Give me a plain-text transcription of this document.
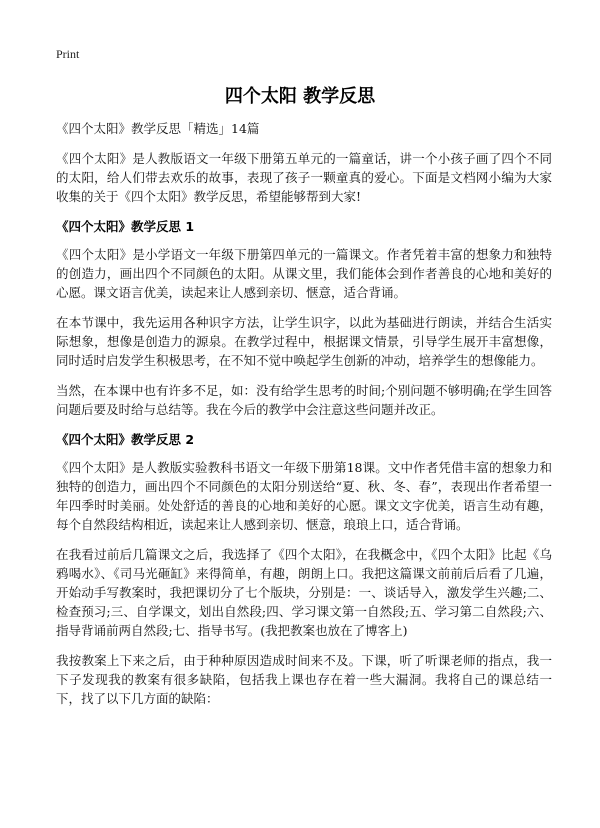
Print
四个太阳 教学反思

《四个太阳》教学反思「精选」14篇

《四个太阳》是人教版语文一年级下册第五单元的一篇童话，讲一个小孩子画了四个不同的太阳，给人们带去欢乐的故事，表现了孩子一颗童真的爱心。下面是文档网小编为大家收集的关于《四个太阳》教学反思，希望能够帮到大家!

《四个太阳》教学反思 1

《四个太阳》是小学语文一年级下册第四单元的一篇课文。作者凭着丰富的想象力和独特的创造力，画出四个不同颜色的太阳。从课文里，我们能体会到作者善良的心地和美好的心愿。课文语言优美，读起来让人感到亲切、惬意，适合背诵。

在本节课中，我先运用各种识字方法，让学生识字，以此为基础进行朗读，并结合生活实际想象，想像是创造力的源泉。在教学过程中，根据课文情景，引导学生展开丰富想像，同时适时启发学生积极思考，在不知不觉中唤起学生创新的冲动，培养学生的想像能力。

当然，在本课中也有许多不足，如：没有给学生思考的时间;个别问题不够明确;在学生回答问题后要及时给与总结等。我在今后的教学中会注意这些问题并改正。

《四个太阳》教学反思 2

《四个太阳》是人教版实验教科书语文一年级下册第18课。文中作者凭借丰富的想象力和独特的创造力，画出四个不同颜色的太阳分别送给“夏、秋、冬、春”，表现出作者希望一年四季时时美丽。处处舒适的善良的心地和美好的心愿。课文文字优美，语言生动有趣，每个自然段结构相近，读起来让人感到亲切、惬意，琅琅上口，适合背诵。

在我看过前后几篇课文之后，我选择了《四个太阳》，在我概念中，《四个太阳》比起《乌鸦喝水》、《司马光砸缸》来得简单，有趣，朗朗上口。我把这篇课文前前后后看了几遍，开始动手写教案时，我把课切分了七个版块，分别是：一、谈话导入，激发学生兴趣;二、检查预习;三、自学课文，划出自然段;四、学习课文第一自然段;五、学习第二自然段;六、指导背诵前两自然段;七、指导书写。(我把教案也放在了博客上)

我按教案上下来之后，由于种种原因造成时间来不及。下课，听了听课老师的指点，我一下子发现我的教案有很多缺陷，包括我上课也存在着一些大漏洞。我将自己的课总结一下，找了以下几方面的缺陷：
